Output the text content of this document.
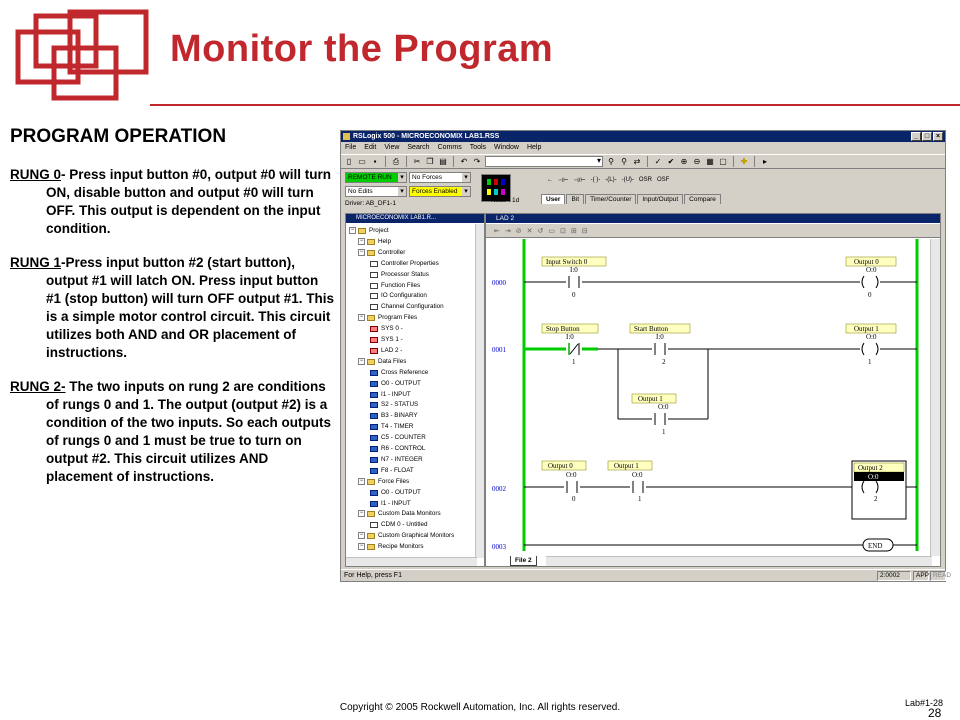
Monitor the Program
PROGRAM OPERATION
RUNG 0- Press input button #0, output #0 will turn ON, disable button and output #0 will turn OFF. This output is dependent on the input condition.
RUNG 1-Press input button #2 (start button), output #1 will latch ON. Press input button #1 (stop button) will turn OFF output #1. This is a simple motor control circuit. This circuit utilizes both AND and OR placement of instructions.
RUNG 2- The two inputs on rung 2 are conditions of rungs 0 and 1. The output (output #2) is a condition of the two inputs. So each outputs of rungs 0 and 1 must be true to turn on output #2. This circuit utilizes AND placement of instructions.
RSLogix 500 - MICROECONOMIX LAB1.RSS	_ □ ×
File Edit View Search Comms Tools Window Help
▯ ▭ ▪	⎙ ✂ ❐ ▤ ↶ ↷
▾	⚲ ⚲ ⇄ ✓ ✔ ⊕ ⊖ ▦ ▢ ✚	▸
REMOTE RUN	▾	No Forces	▾
No Edits	▾	Forces Enabled ▾
Driver: AB_DF1-1
← ⊣⊢ ⊣/⊢ -( )- -(L)- -(U)- OSR OSF
User	Bit	Timer/Counter	Input/Output	Compare
Node : 1d
MICROECONOMIX LAB1.R...
− Project
− Help
− Controller
Controller Properties
Processor Status
Function Files
IO Configuration
Channel Configuration
− Program Files
SYS 0 -
SYS 1 -
LAD 2 -
− Data Files
Cross Reference
O0 - OUTPUT
I1 - INPUT
S2 - STATUS
B3 - BINARY
T4 - TIMER
C5 - COUNTER
R6 - CONTROL
N7 - INTEGER
F8 - FLOAT
− Force Files
O0 - OUTPUT
I1 - INPUT
− Custom Data Monitors
CDM 0 - Untitled
− Custom Graphical Monitors
− Recipe Monitors
LAD 2
⇤ ⇥ ⊘ ✕ ↺ ▭ ⊡ ⊞ ⊟
0000
0001
0002
0003
Input Switch 0
I:0
0
Output 0
O:0
0
Stop Button
I:0
1
Start Button
I:0
2
Output 1
O:0
1
Output 1
O:0
1
Output 0
O:0
0
Output 1
O:0
1
Output 2
O:0
2
END
File 2
For Help, press F1	2:0002	APP READ
Copyright © 2005 Rockwell Automation, Inc. All rights reserved.	Lab#1-28
28
